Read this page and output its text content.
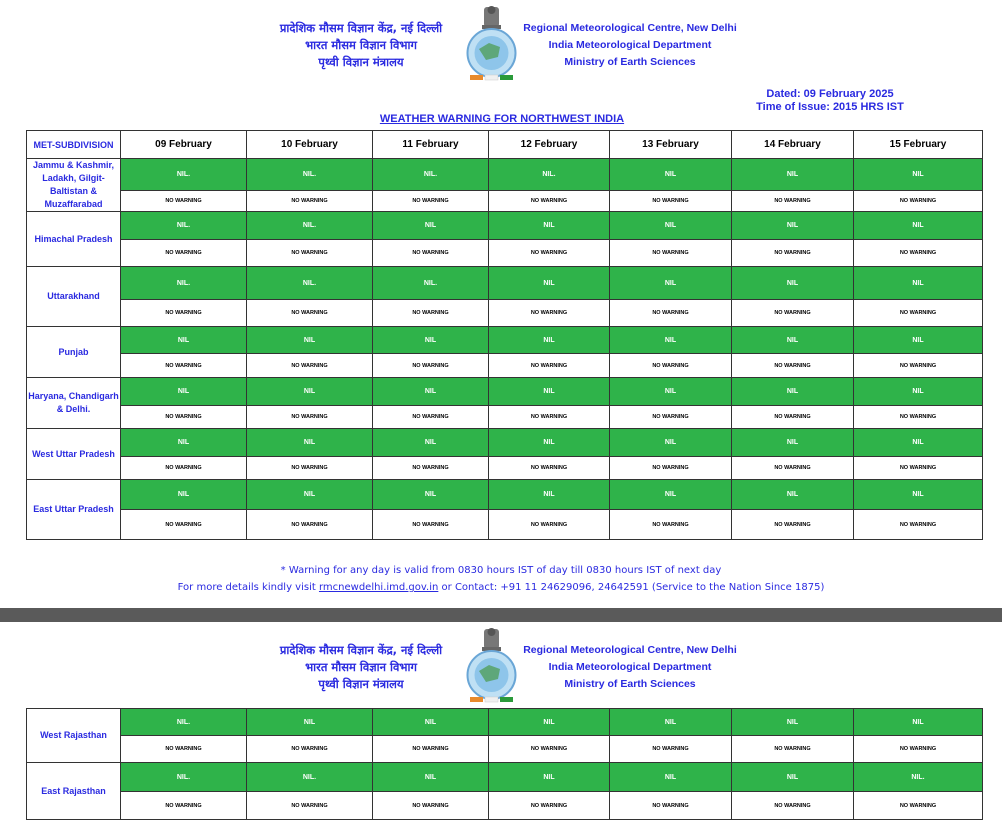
प्रादेशिक मौसम विज्ञान केंद्र, नई दिल्ली
भारत मौसम विज्ञान विभाग
पृथ्वी विज्ञान मंत्रालय
Regional Meteorological Centre, New Delhi
India Meteorological Department
Ministry of Earth Sciences
Dated: 09 February 2025
Time of Issue: 2015 HRS IST
WEATHER WARNING FOR NORTHWEST INDIA
MET-SUBDIVISION	09 February	10 February	11 February	12 February	13 February	14 February	15 February
Jammu & Kashmir, Ladakh, Gilgit-Baltistan & Muzaffarabad	NIL.	NIL.	NIL.	NIL.	NIL	NIL	NIL
	NO WARNING	NO WARNING	NO WARNING	NO WARNING	NO WARNING	NO WARNING	NO WARNING
Himachal Pradesh	NIL.	NIL.	NIL	NIL	NIL	NIL	NIL
	NO WARNING	NO WARNING	NO WARNING	NO WARNING	NO WARNING	NO WARNING	NO WARNING
Uttarakhand	NIL.	NIL.	NIL.	NIL	NIL	NIL	NIL
	NO WARNING	NO WARNING	NO WARNING	NO WARNING	NO WARNING	NO WARNING	NO WARNING
Punjab	NIL	NIL	NIL	NIL	NIL	NIL	NIL
	NO WARNING	NO WARNING	NO WARNING	NO WARNING	NO WARNING	NO WARNING	NO WARNING
Haryana, Chandigarh & Delhi.	NIL	NIL	NIL	NIL	NIL	NIL	NIL
	NO WARNING	NO WARNING	NO WARNING	NO WARNING	NO WARNING	NO WARNING	NO WARNING
West Uttar Pradesh	NIL	NIL	NIL	NIL	NIL	NIL	NIL
	NO WARNING	NO WARNING	NO WARNING	NO WARNING	NO WARNING	NO WARNING	NO WARNING
East Uttar Pradesh	NIL	NIL	NIL	NIL	NIL	NIL	NIL
	NO WARNING	NO WARNING	NO WARNING	NO WARNING	NO WARNING	NO WARNING	NO WARNING
* Warning for any day is valid from 0830 hours IST of day till 0830 hours IST of next day
For more details kindly visit rmcnewdelhi.imd.gov.in or Contact: +91 11 24629096, 24642591 (Service to the Nation Since 1875)
प्रादेशिक मौसम विज्ञान केंद्र, नई दिल्ली
भारत मौसम विज्ञान विभाग
पृथ्वी विज्ञान मंत्रालय
Regional Meteorological Centre, New Delhi
India Meteorological Department
Ministry of Earth Sciences
West Rajasthan	NIL.	NIL	NIL	NIL	NIL	NIL	NIL
	NO WARNING	NO WARNING	NO WARNING	NO WARNING	NO WARNING	NO WARNING	NO WARNING
East Rajasthan	NIL.	NIL.	NIL	NIL	NIL	NIL	NIL.
	NO WARNING	NO WARNING	NO WARNING	NO WARNING	NO WARNING	NO WARNING	NO WARNING
